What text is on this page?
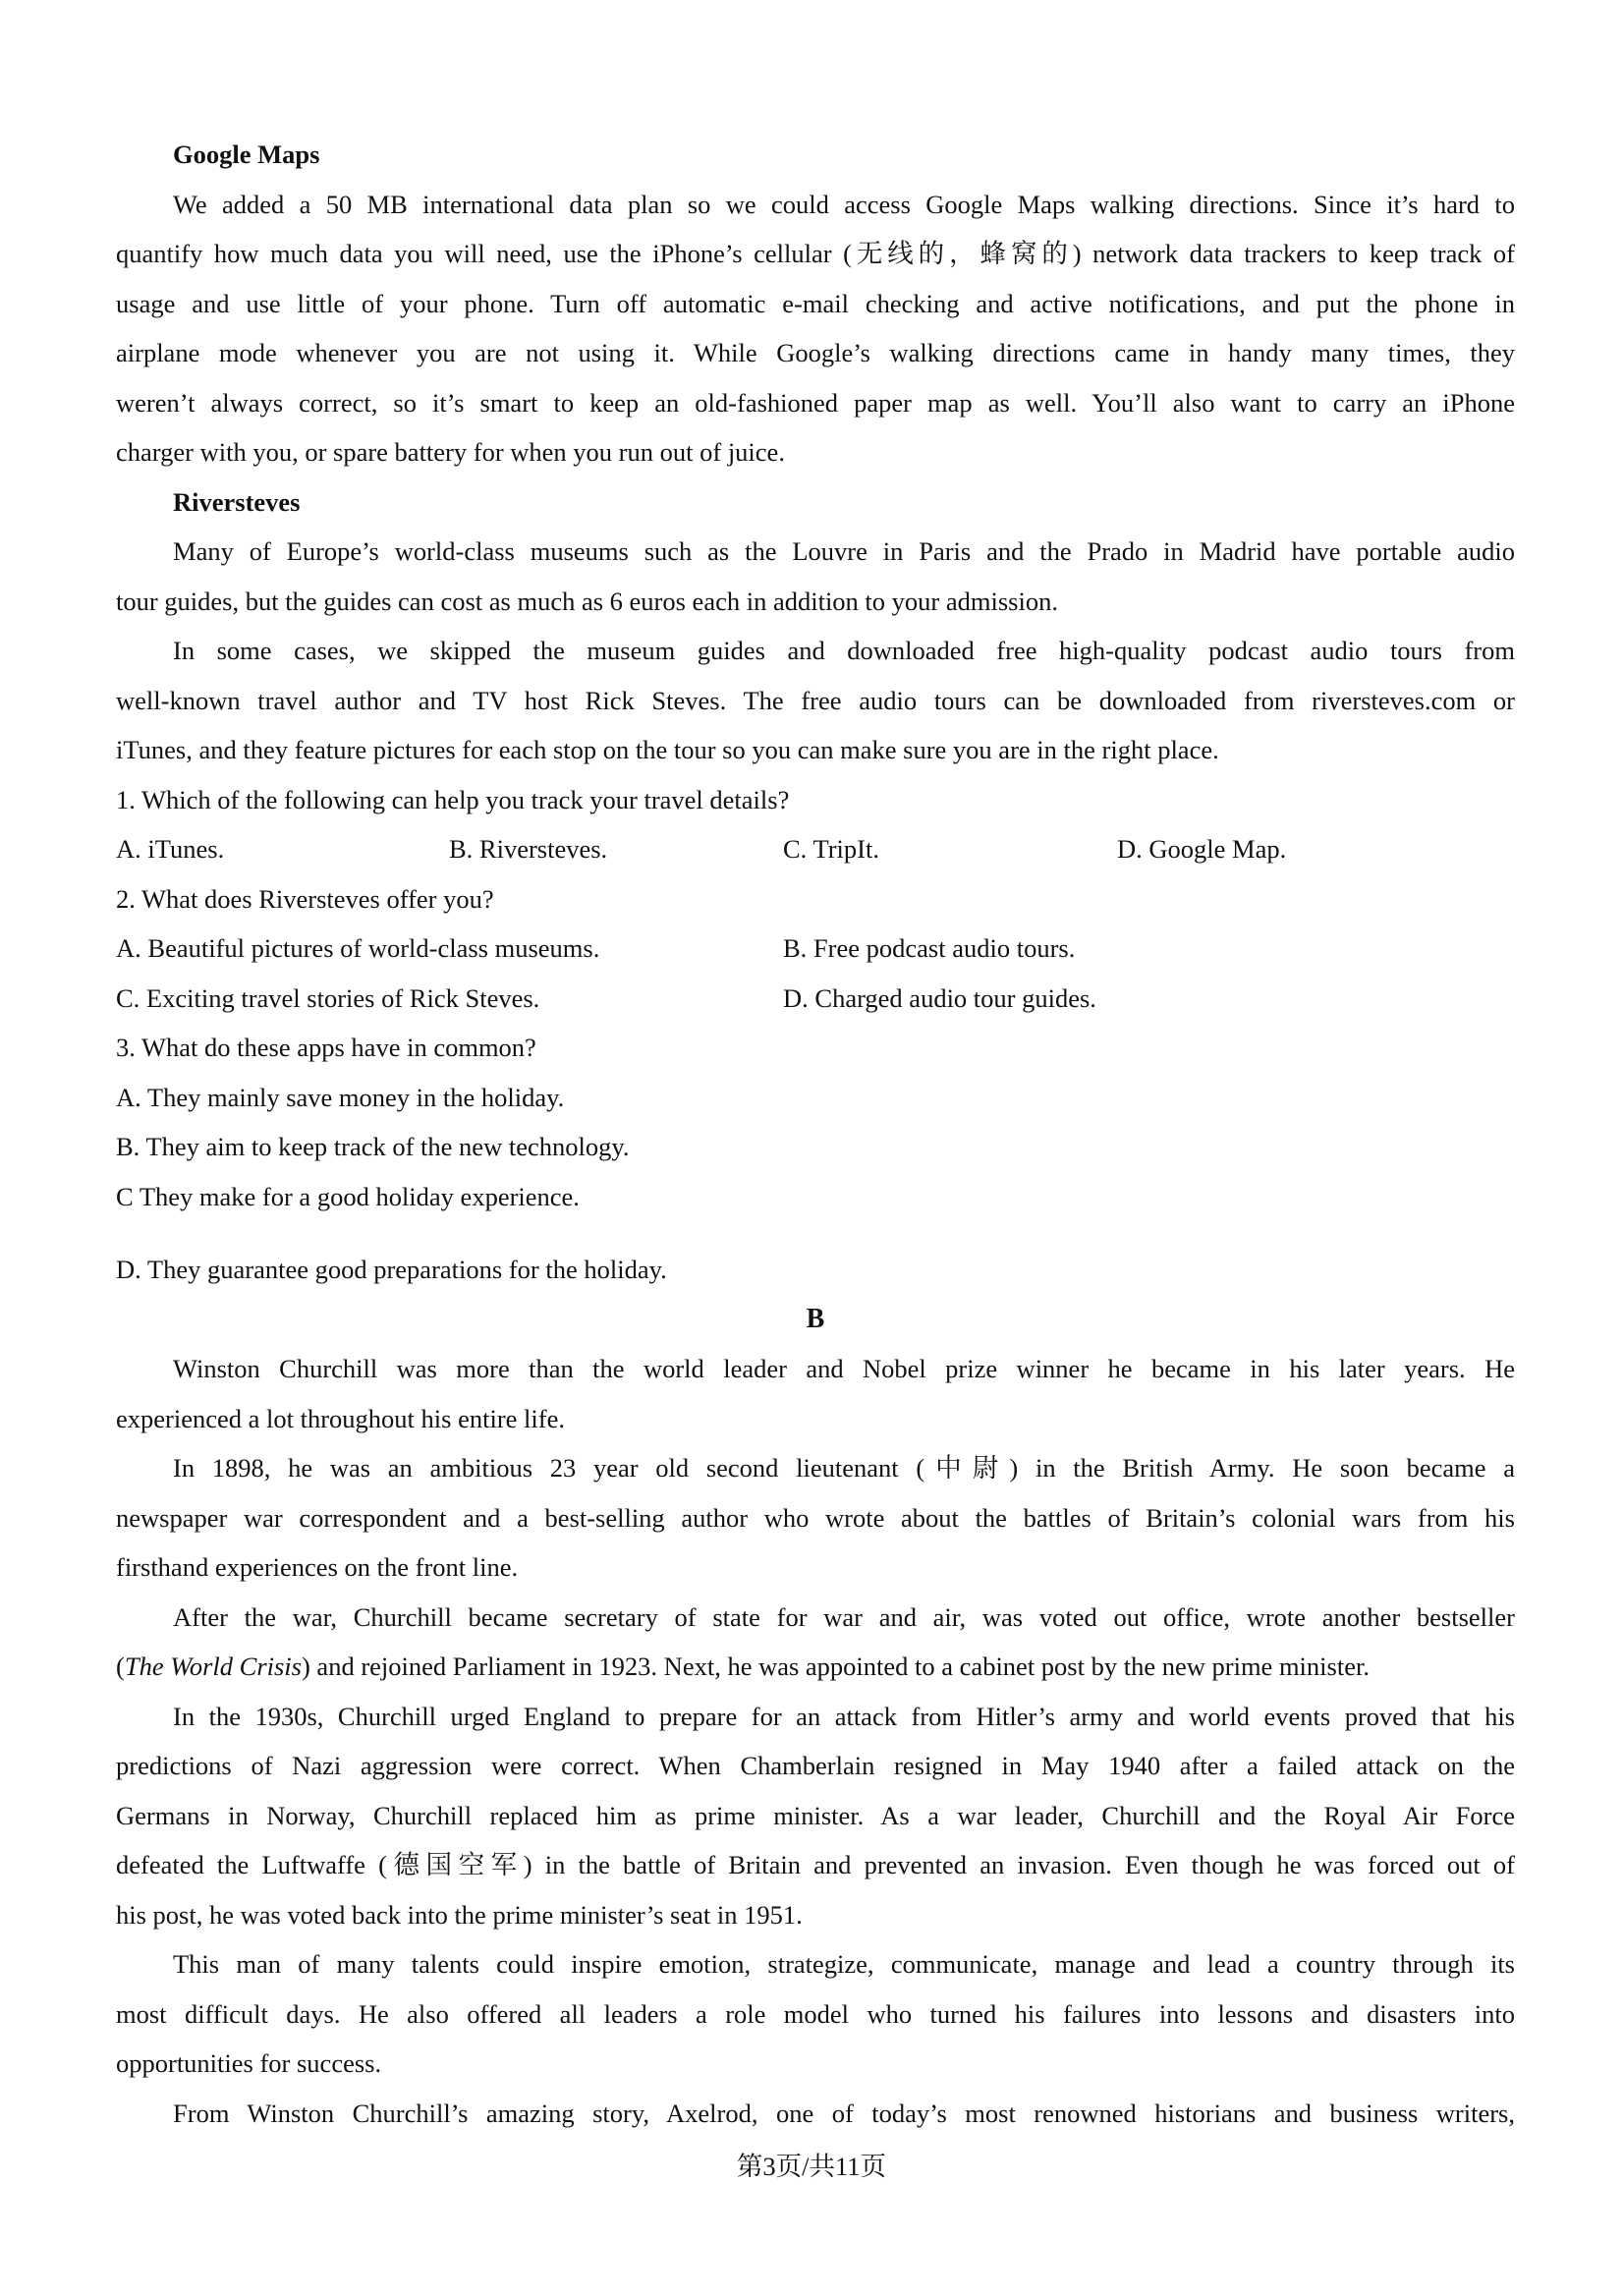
Google Maps
We added a 50 MB international data plan so we could access Google Maps walking directions. Since it’s hard to
quantify how much data you will need, use the iPhone’s cellular (无线的，蜂窝的) network data trackers to keep track of
usage and use little of your phone. Turn off automatic e-mail checking and active notifications, and put the phone in
airplane mode whenever you are not using it. While Google’s walking directions came in handy many times, they
weren’t always correct, so it’s smart to keep an old-fashioned paper map as well. You’ll also want to carry an iPhone
charger with you, or spare battery for when you run out of juice.
Riversteves
Many of Europe’s world-class museums such as the Louvre in Paris and the Prado in Madrid have portable audio
tour guides, but the guides can cost as much as 6 euros each in addition to your admission.
In some cases, we skipped the museum guides and downloaded free high-quality podcast audio tours from
well-known travel author and TV host Rick Steves. The free audio tours can be downloaded from riversteves.com or
iTunes, and they feature pictures for each stop on the tour so you can make sure you are in the right place.
1. Which of the following can help you track your travel details?
A. iTunes.	B. Riversteves.	C. TripIt.	D. Google Map.
2. What does Riversteves offer you?
A. Beautiful pictures of world-class museums.	B. Free podcast audio tours.
C. Exciting travel stories of Rick Steves.	D. Charged audio tour guides.
3. What do these apps have in common?
A. They mainly save money in the holiday.
B. They aim to keep track of the new technology.
C They make for a good holiday experience.
D. They guarantee good preparations for the holiday.
B
Winston Churchill was more than the world leader and Nobel prize winner he became in his later years. He
experienced a lot throughout his entire life.
In 1898, he was an ambitious 23 year old second lieutenant (中尉) in the British Army. He soon became a
newspaper war correspondent and a best-selling author who wrote about the battles of Britain’s colonial wars from his
firsthand experiences on the front line.
After the war, Churchill became secretary of state for war and air, was voted out office, wrote another bestseller
(The World Crisis) and rejoined Parliament in 1923. Next, he was appointed to a cabinet post by the new prime minister.
In the 1930s, Churchill urged England to prepare for an attack from Hitler’s army and world events proved that his
predictions of Nazi aggression were correct. When Chamberlain resigned in May 1940 after a failed attack on the
Germans in Norway, Churchill replaced him as prime minister. As a war leader, Churchill and the Royal Air Force
defeated the Luftwaffe (德国空军) in the battle of Britain and prevented an invasion. Even though he was forced out of
his post, he was voted back into the prime minister’s seat in 1951.
This man of many talents could inspire emotion, strategize, communicate, manage and lead a country through its
most difficult days. He also offered all leaders a role model who turned his failures into lessons and disasters into
opportunities for success.
From Winston Churchill’s amazing story, Axelrod, one of today’s most renowned historians and business writers,
第3页/共11页
